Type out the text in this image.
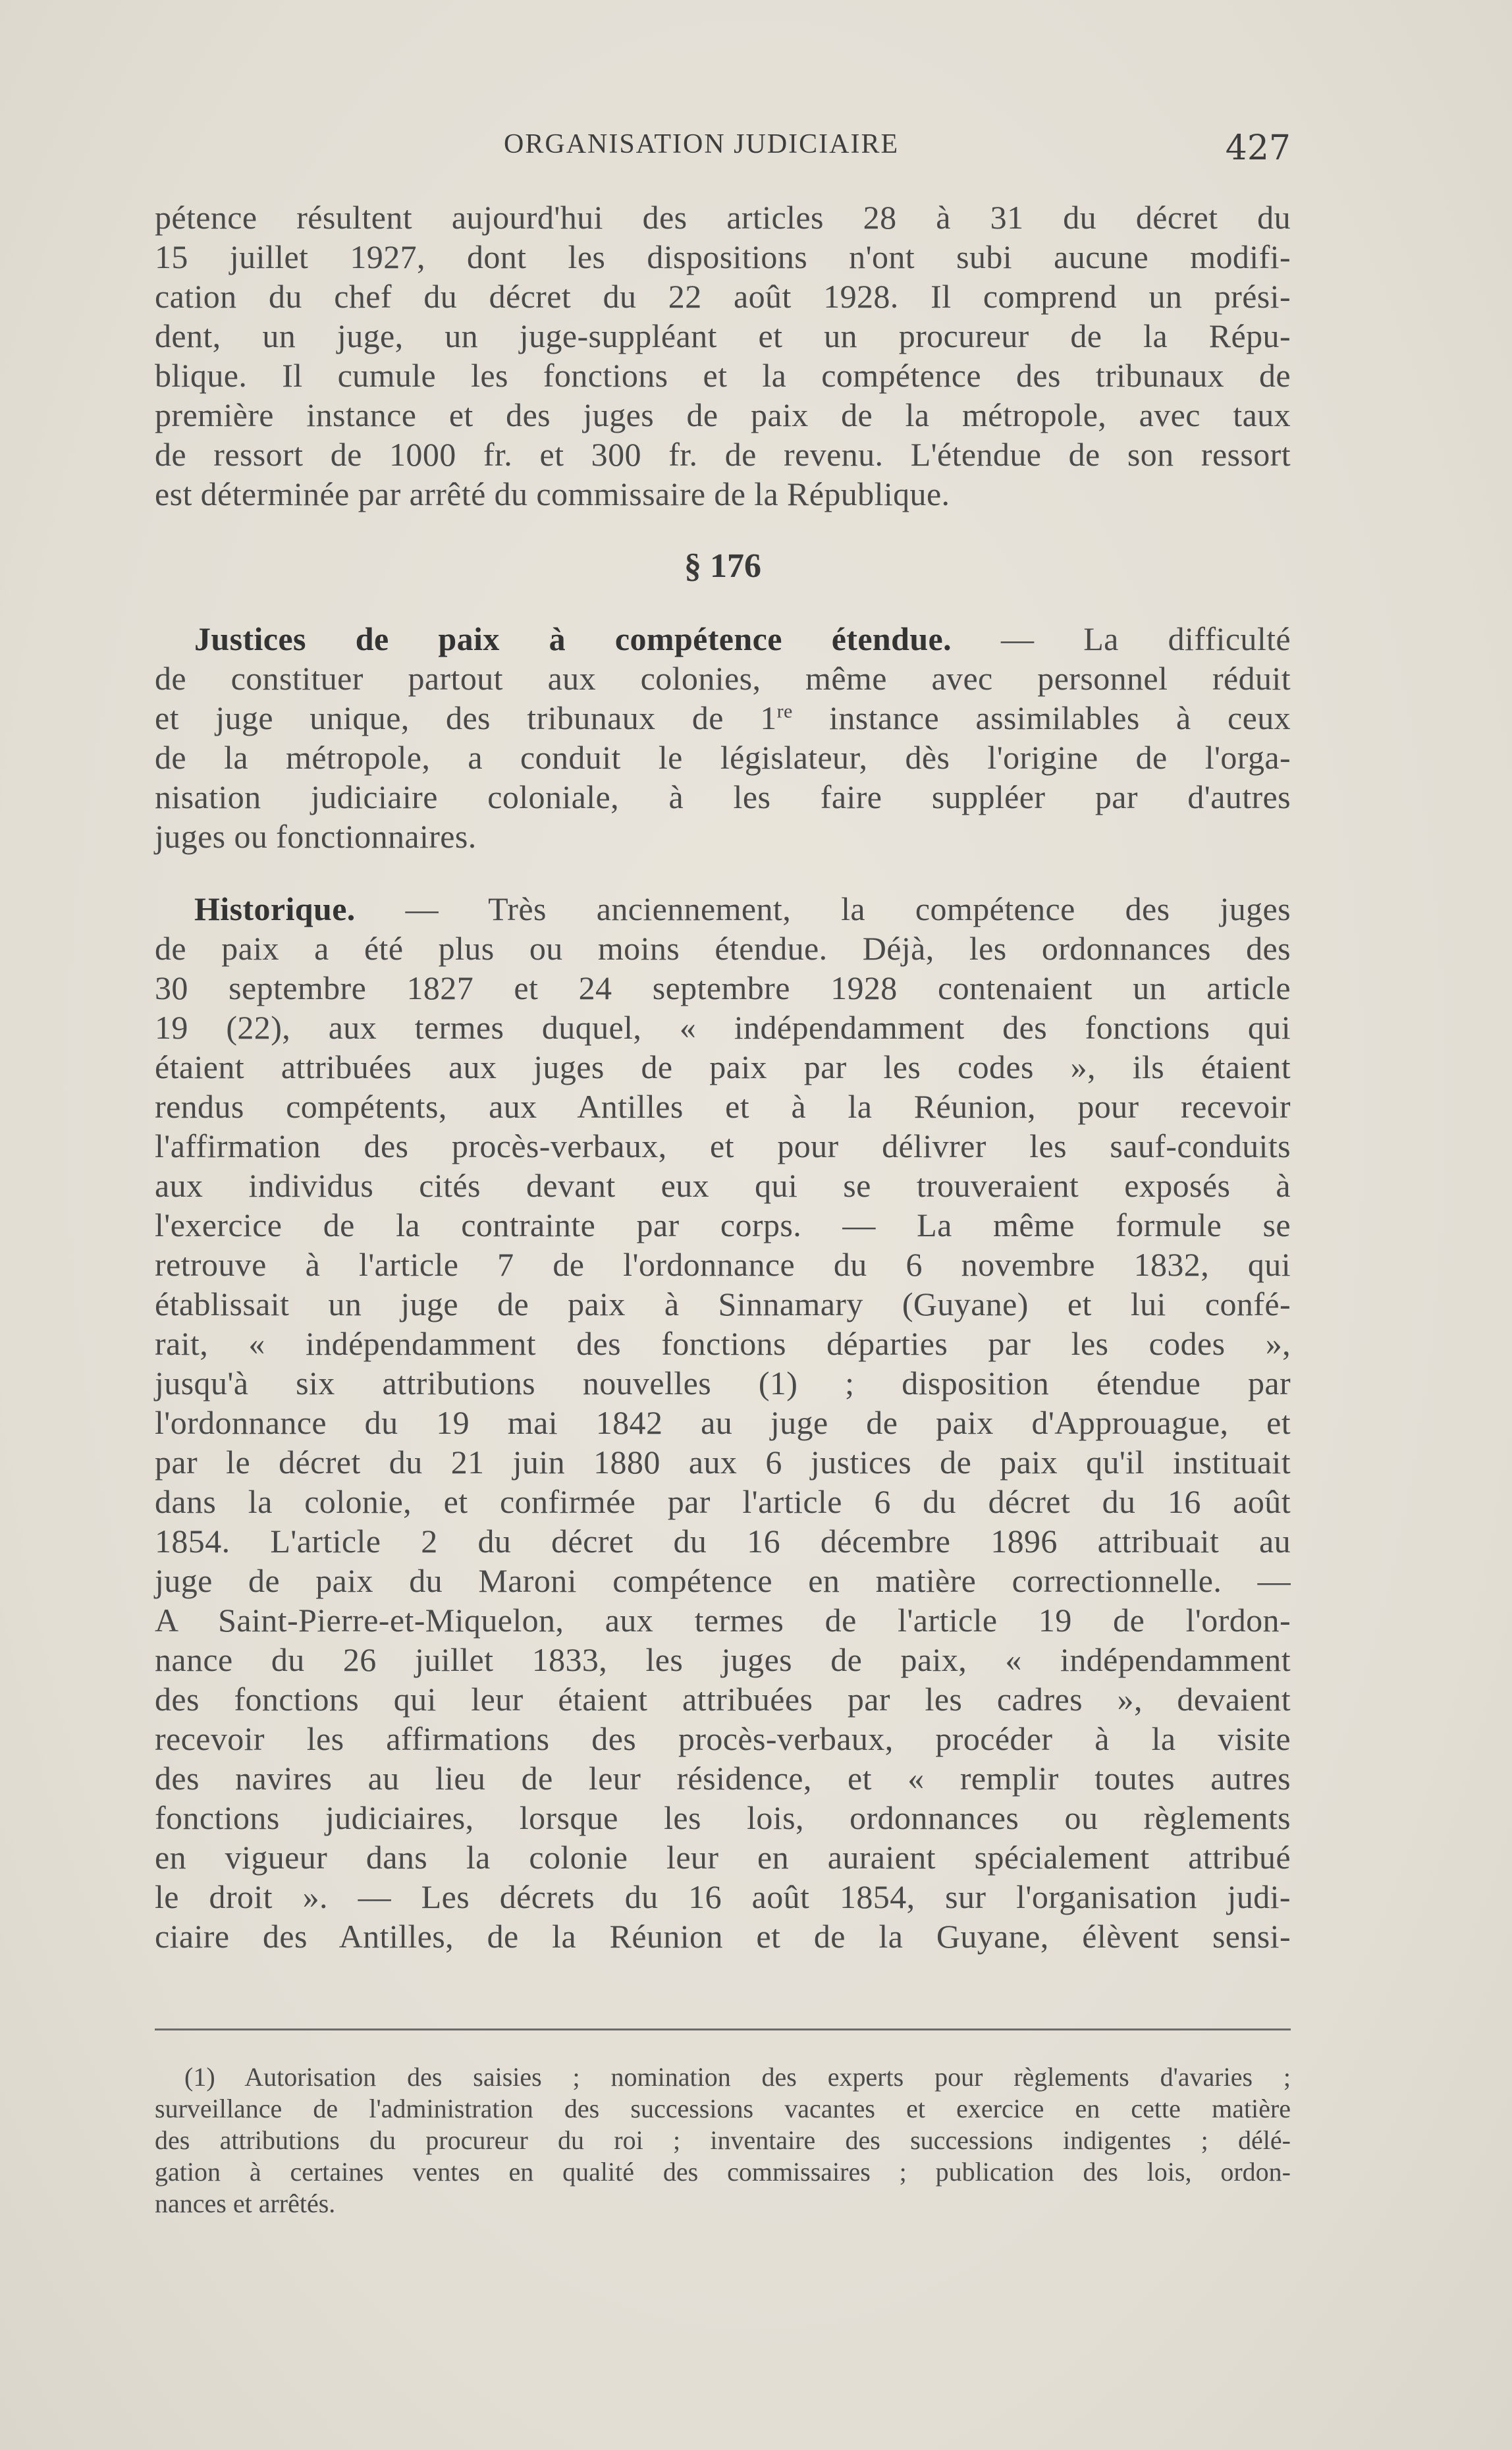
ORGANISATION JUDICIAIRE	427
pétence résultent aujourd'hui des articles 28 à 31 du décret du
15 juillet 1927, dont les dispositions n'ont subi aucune modifi-
cation du chef du décret du 22 août 1928. Il comprend un prési-
dent, un juge, un juge-suppléant et un procureur de la Répu-
blique. Il cumule les fonctions et la compétence des tribunaux de
première instance et des juges de paix de la métropole, avec taux
de ressort de 1000 fr. et 300 fr. de revenu. L'étendue de son ressort
est déterminée par arrêté du commissaire de la République.
§ 176
Justices de paix à compétence étendue. — La difficulté
de constituer partout aux colonies, même avec personnel réduit
et juge unique, des tribunaux de 1re instance assimilables à ceux
de la métropole, a conduit le législateur, dès l'origine de l'orga-
nisation judiciaire coloniale, à les faire suppléer par d'autres
juges ou fonctionnaires.
Historique. — Très anciennement, la compétence des juges
de paix a été plus ou moins étendue. Déjà, les ordonnances des
30 septembre 1827 et 24 septembre 1928 contenaient un article
19 (22), aux termes duquel, « indépendamment des fonctions qui
étaient attribuées aux juges de paix par les codes », ils étaient
rendus compétents, aux Antilles et à la Réunion, pour recevoir
l'affirmation des procès-verbaux, et pour délivrer les sauf-conduits
aux individus cités devant eux qui se trouveraient exposés à
l'exercice de la contrainte par corps. — La même formule se
retrouve à l'article 7 de l'ordonnance du 6 novembre 1832, qui
établissait un juge de paix à Sinnamary (Guyane) et lui confé-
rait, « indépendamment des fonctions départies par les codes »,
jusqu'à six attributions nouvelles (1) ; disposition étendue par
l'ordonnance du 19 mai 1842 au juge de paix d'Approuague, et
par le décret du 21 juin 1880 aux 6 justices de paix qu'il instituait
dans la colonie, et confirmée par l'article 6 du décret du 16 août
1854. L'article 2 du décret du 16 décembre 1896 attribuait au
juge de paix du Maroni compétence en matière correctionnelle. —
A Saint-Pierre-et-Miquelon, aux termes de l'article 19 de l'ordon-
nance du 26 juillet 1833, les juges de paix, « indépendamment
des fonctions qui leur étaient attribuées par les cadres », devaient
recevoir les affirmations des procès-verbaux, procéder à la visite
des navires au lieu de leur résidence, et « remplir toutes autres
fonctions judiciaires, lorsque les lois, ordonnances ou règlements
en vigueur dans la colonie leur en auraient spécialement attribué
le droit ». — Les décrets du 16 août 1854, sur l'organisation judi-
ciaire des Antilles, de la Réunion et de la Guyane, élèvent sensi-
(1) Autorisation des saisies ; nomination des experts pour règlements d'avaries ;
surveillance de l'administration des successions vacantes et exercice en cette matière
des attributions du procureur du roi ; inventaire des successions indigentes ; délé-
gation à certaines ventes en qualité des commissaires ; publication des lois, ordon-
nances et arrêtés.
